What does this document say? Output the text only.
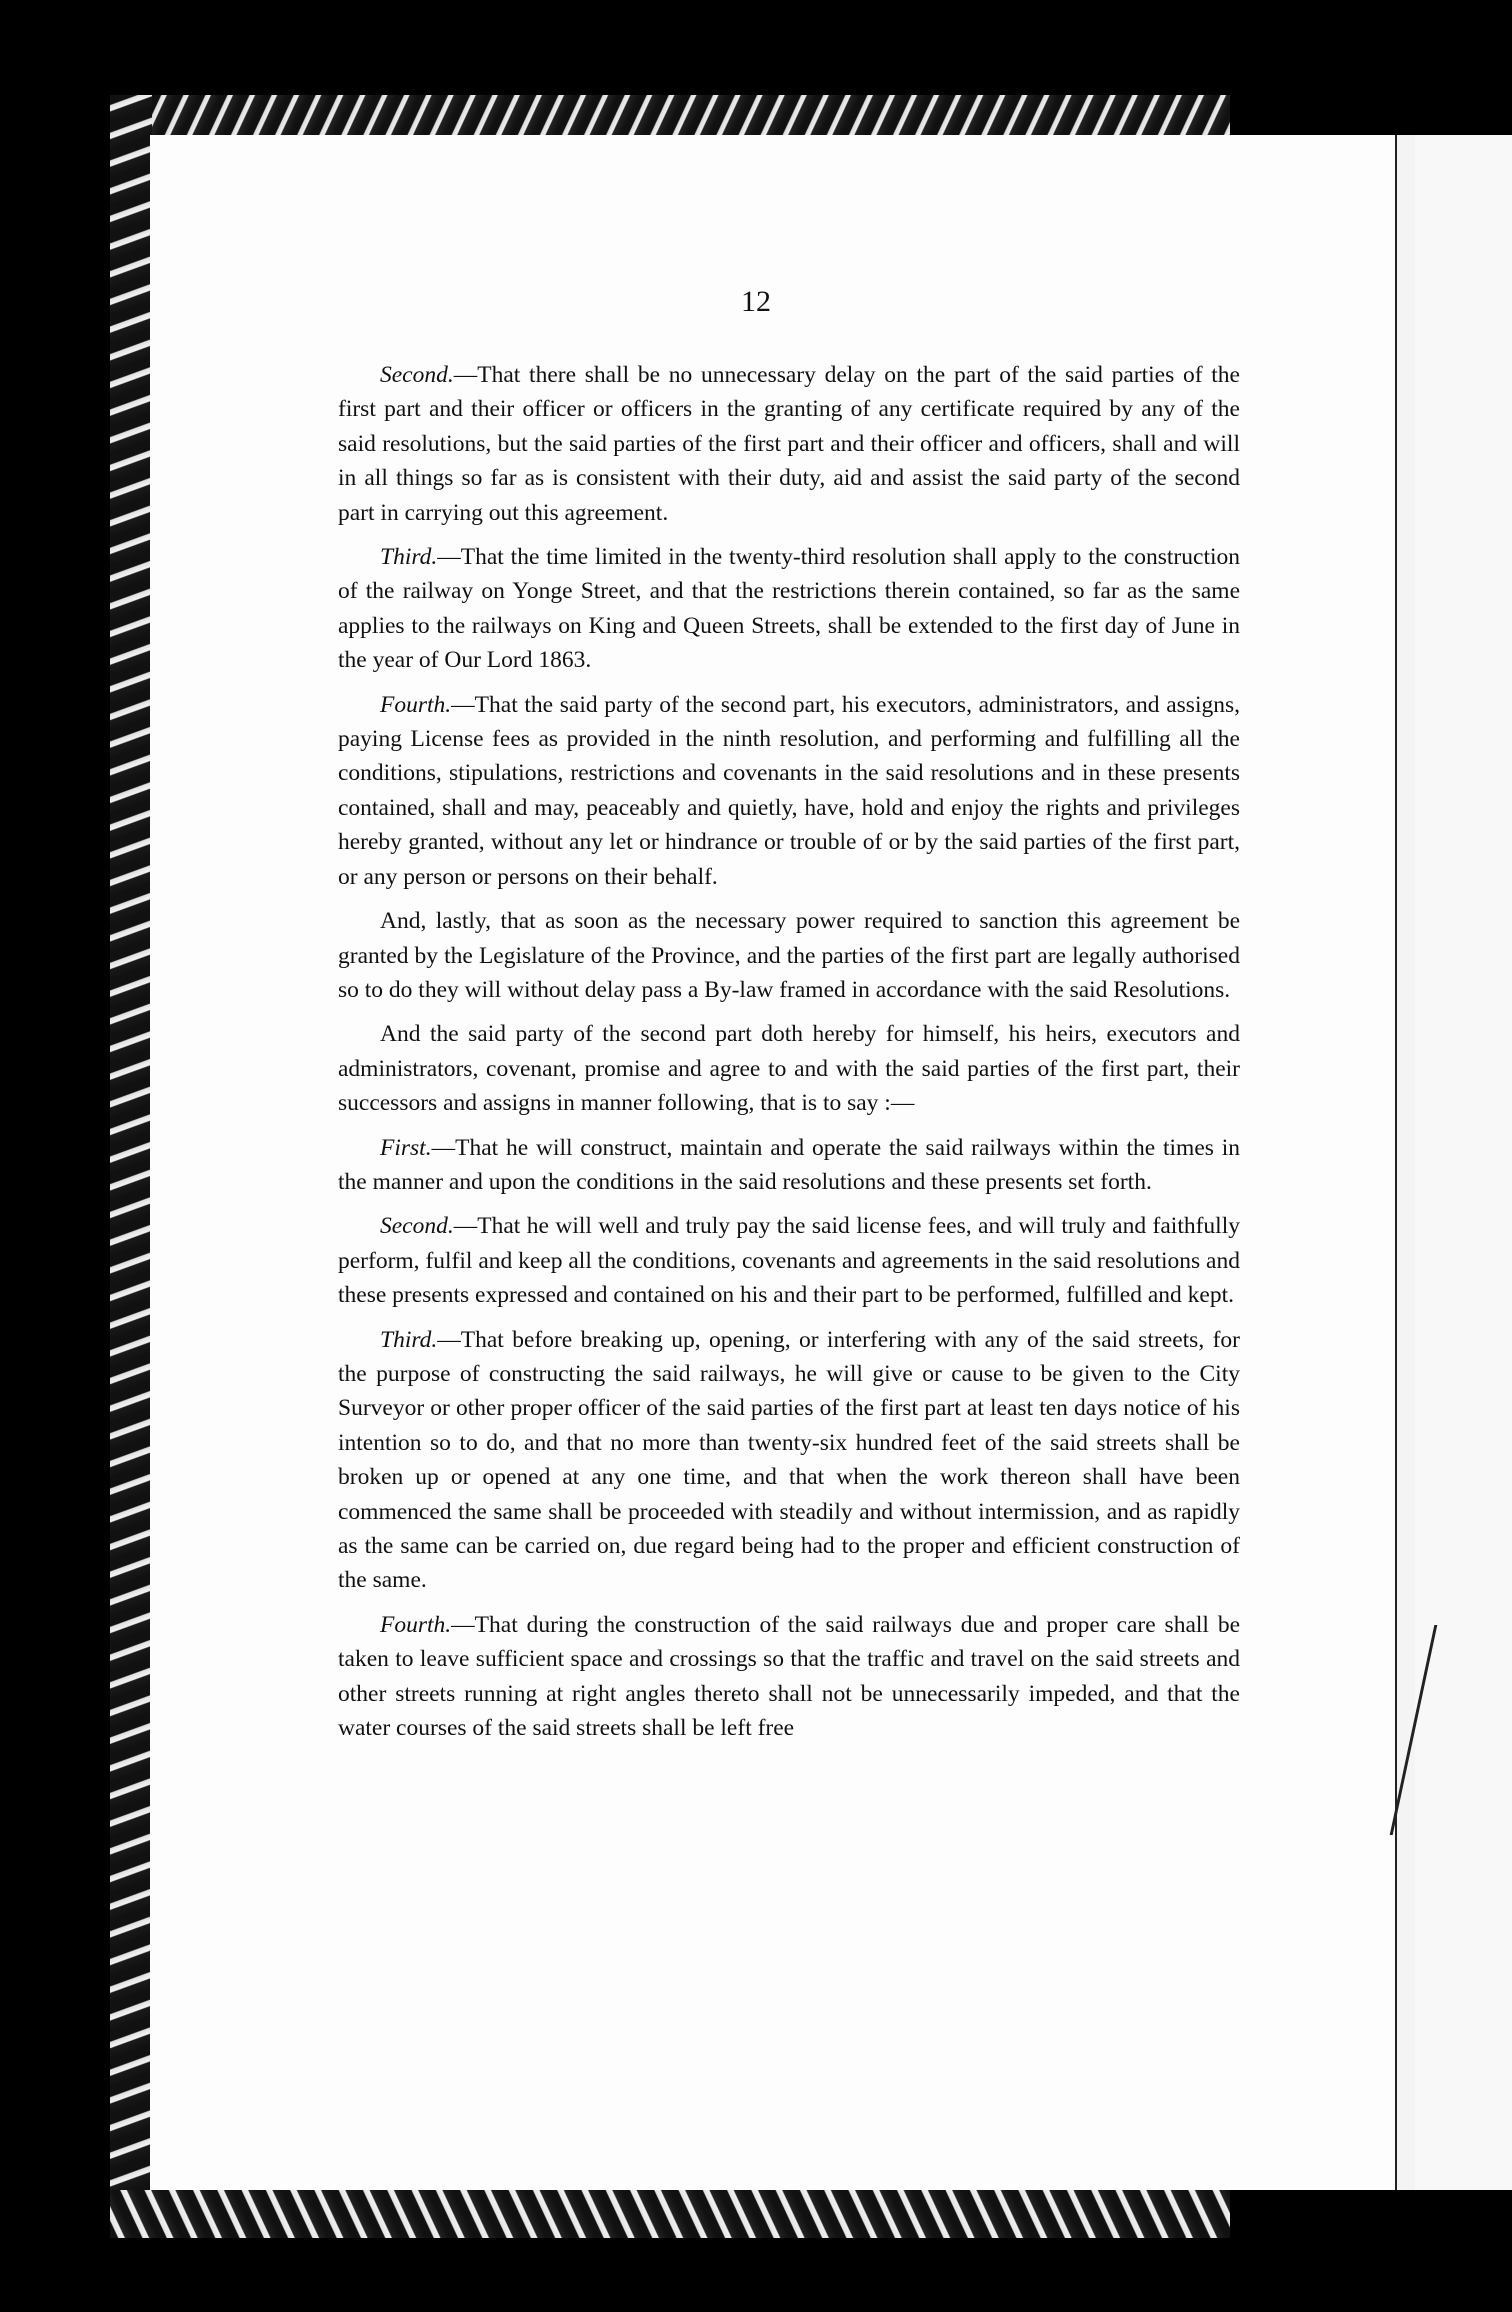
12

Second.—That there shall be no unnecessary delay on the part of the said parties of the first part and their officer or officers in the granting of any certificate required by any of the said resolutions, but the said parties of the first part and their officer and officers, shall and will in all things so far as is consistent with their duty, aid and assist the said party of the second part in carrying out this agreement.

Third.—That the time limited in the twenty-third resolution shall apply to the construction of the railway on Yonge Street, and that the restrictions therein contained, so far as the same applies to the railways on King and Queen Streets, shall be extended to the first day of June in the year of Our Lord 1863.

Fourth.—That the said party of the second part, his executors, administrators, and assigns, paying License fees as provided in the ninth resolution, and performing and fulfilling all the conditions, stipulations, restrictions and covenants in the said resolutions and in these presents contained, shall and may, peaceably and quietly, have, hold and enjoy the rights and privileges hereby granted, without any let or hindrance or trouble of or by the said parties of the first part, or any person or persons on their behalf.

And, lastly, that as soon as the necessary power required to sanction this agreement be granted by the Legislature of the Province, and the parties of the first part are legally authorised so to do they will without delay pass a By-law framed in accordance with the said Resolutions.

And the said party of the second part doth hereby for himself, his heirs, executors and administrators, covenant, promise and agree to and with the said parties of the first part, their successors and assigns in manner following, that is to say :—

First.—That he will construct, maintain and operate the said railways within the times in the manner and upon the conditions in the said resolutions and these presents set forth.

Second.—That he will well and truly pay the said license fees, and will truly and faithfully perform, fulfil and keep all the conditions, covenants and agreements in the said resolutions and these presents expressed and contained on his and their part to be performed, fulfilled and kept.

Third.—That before breaking up, opening, or interfering with any of the said streets, for the purpose of constructing the said railways, he will give or cause to be given to the City Surveyor or other proper officer of the said parties of the first part at least ten days notice of his intention so to do, and that no more than twenty-six hundred feet of the said streets shall be broken up or opened at any one time, and that when the work thereon shall have been commenced the same shall be proceeded with steadily and without intermission, and as rapidly as the same can be carried on, due regard being had to the proper and efficient construction of the same.

Fourth.—That during the construction of the said railways due and proper care shall be taken to leave sufficient space and crossings so that the traffic and travel on the said streets and other streets running at right angles thereto shall not be unnecessarily impeded, and that the water courses of the said streets shall be left free
